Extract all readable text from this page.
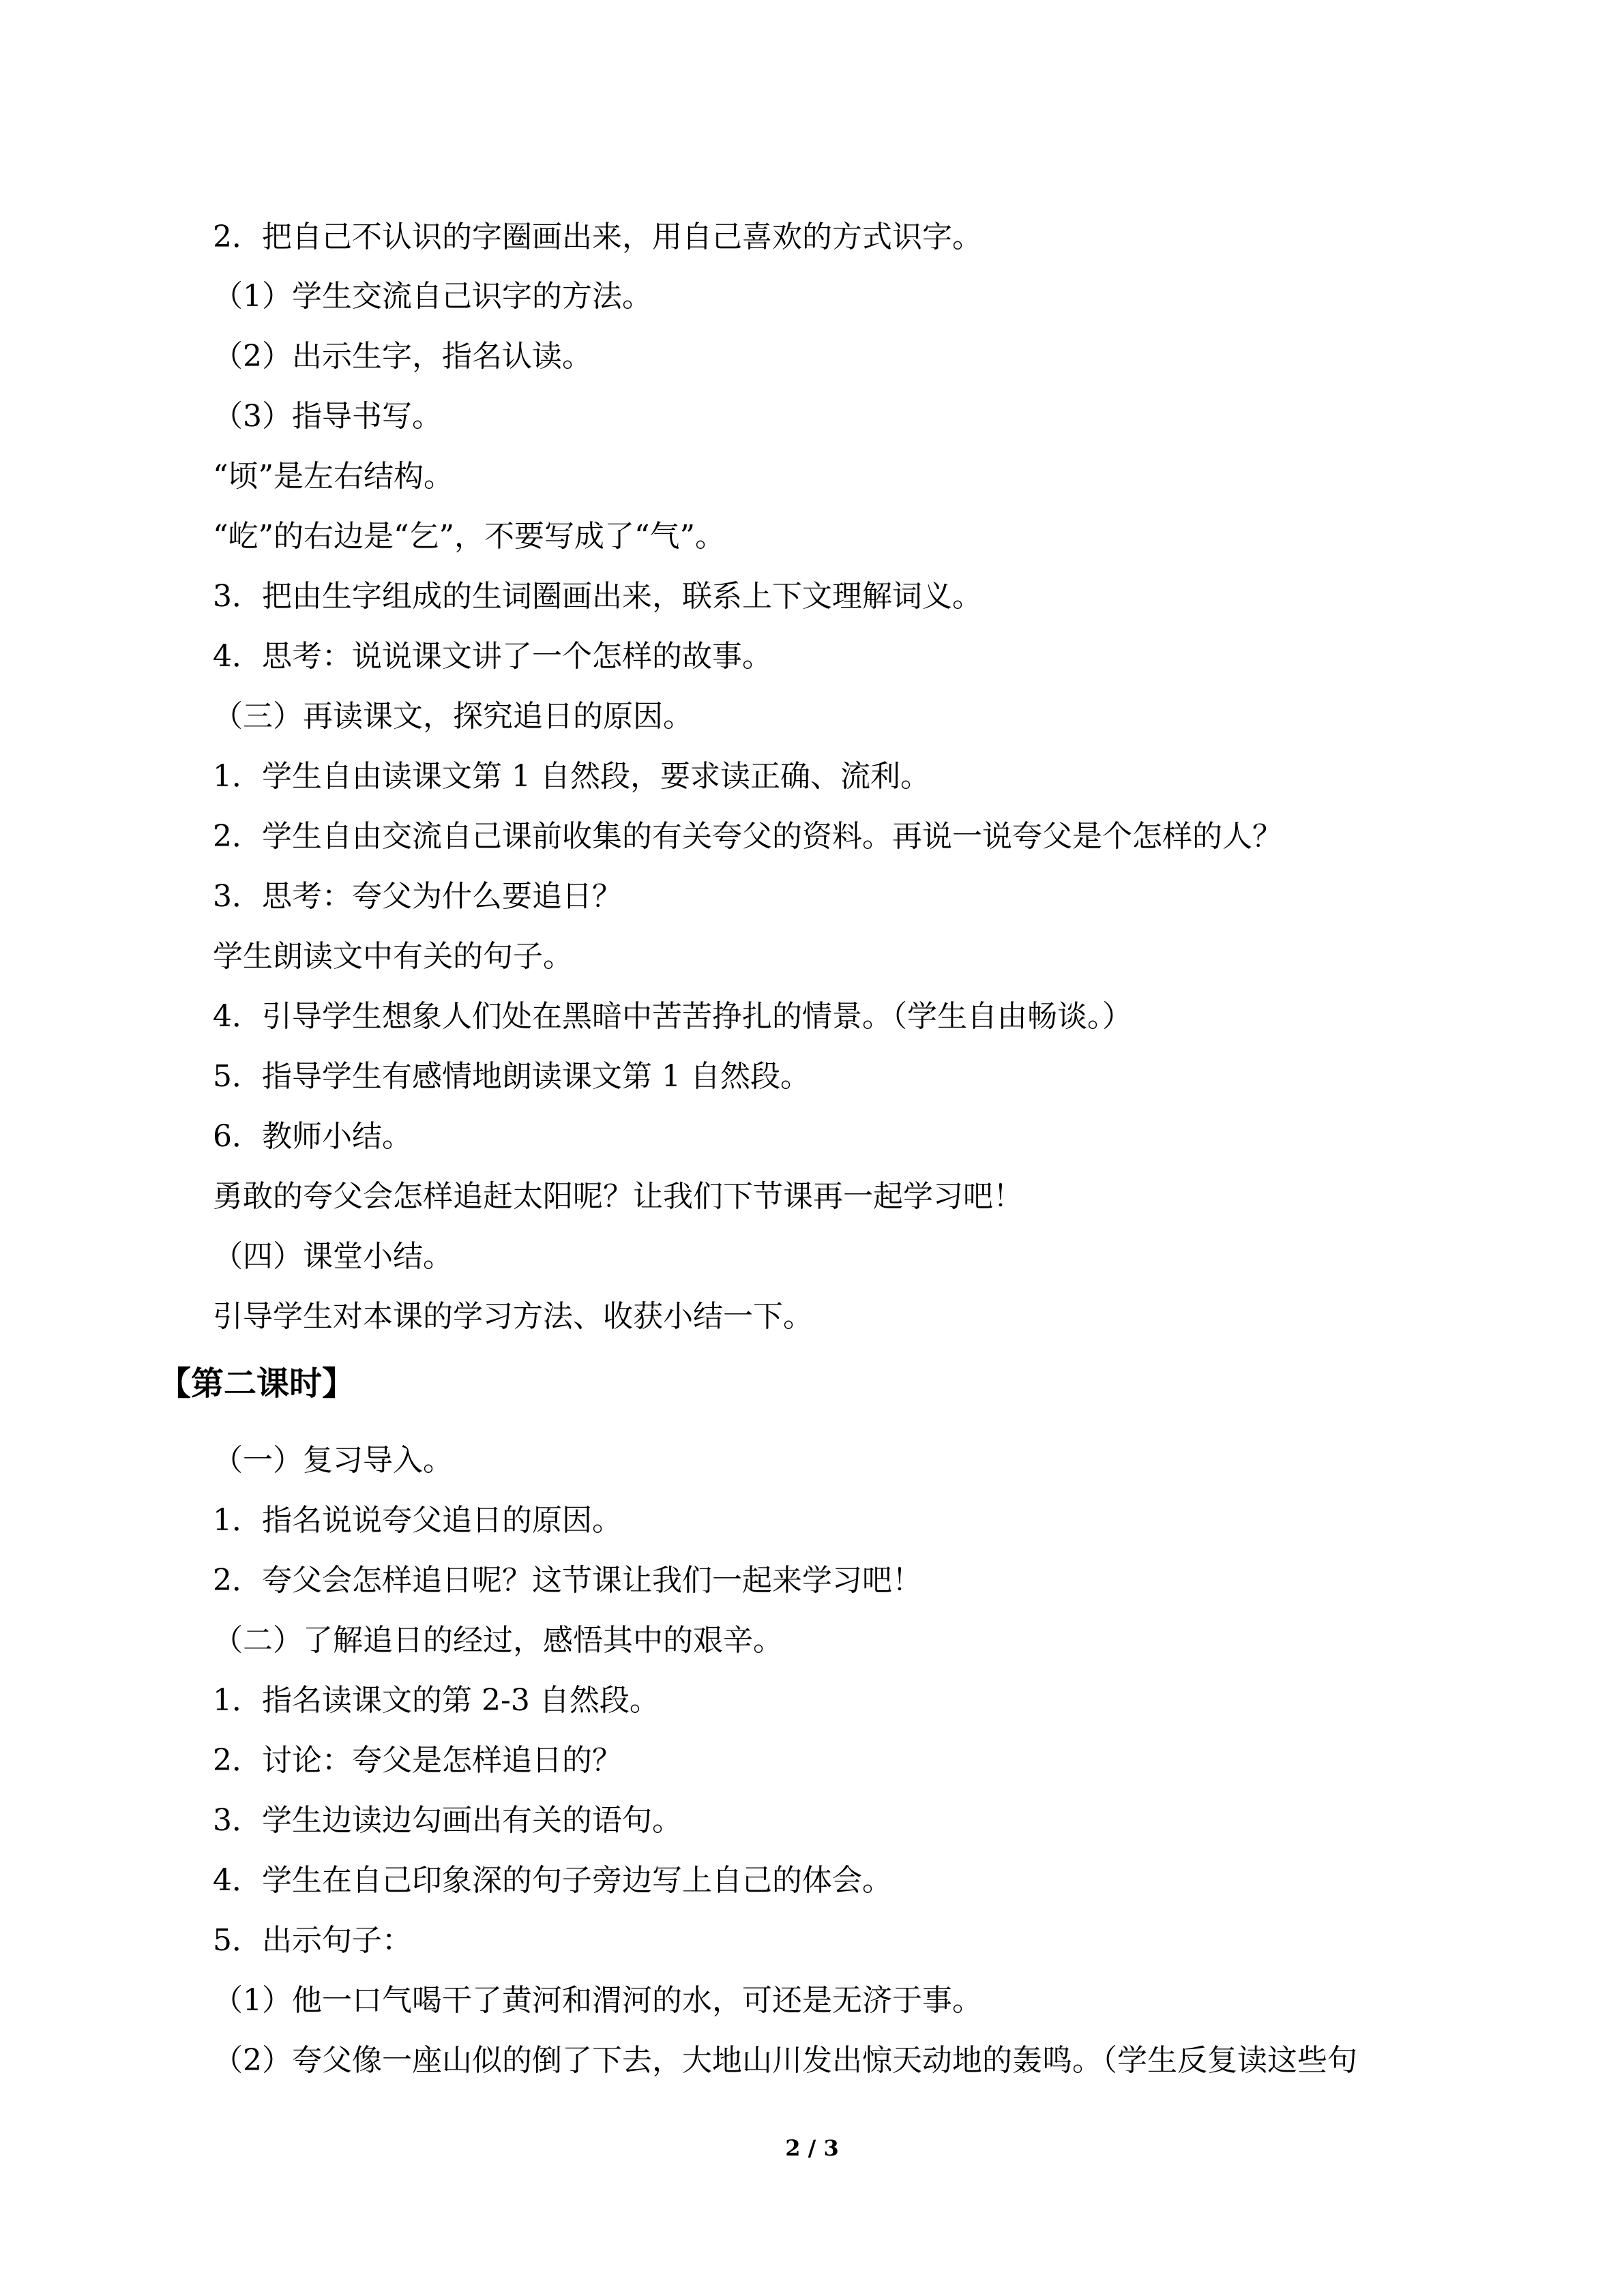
2．把自己不认识的字圈画出来，用自己喜欢的方式识字。
（1）学生交流自己识字的方法。
（2）出示生字，指名认读。
（3）指导书写。
“顷”是左右结构。
“屹”的右边是“乞”，不要写成了“气”。
3．把由生字组成的生词圈画出来，联系上下文理解词义。
4．思考：说说课文讲了一个怎样的故事。
（三）再读课文，探究追日的原因。
1．学生自由读课文第 1 自然段，要求读正确、流利。
2．学生自由交流自己课前收集的有关夸父的资料。再说一说夸父是个怎样的人？
3．思考：夸父为什么要追日？
学生朗读文中有关的句子。
4．引导学生想象人们处在黑暗中苦苦挣扎的情景。（学生自由畅谈。）
5．指导学生有感情地朗读课文第 1 自然段。
6．教师小结。
勇敢的夸父会怎样追赶太阳呢？让我们下节课再一起学习吧！
（四）课堂小结。
引导学生对本课的学习方法、收获小结一下。
【第二课时】
（一）复习导入。
1．指名说说夸父追日的原因。
2．夸父会怎样追日呢？这节课让我们一起来学习吧！
（二）了解追日的经过，感悟其中的艰辛。
1．指名读课文的第 2-3 自然段。
2．讨论：夸父是怎样追日的？
3．学生边读边勾画出有关的语句。
4．学生在自己印象深的句子旁边写上自己的体会。
5．出示句子：
（1）他一口气喝干了黄河和渭河的水，可还是无济于事。
（2）夸父像一座山似的倒了下去，大地山川发出惊天动地的轰鸣。（学生反复读这些句
2 / 3
